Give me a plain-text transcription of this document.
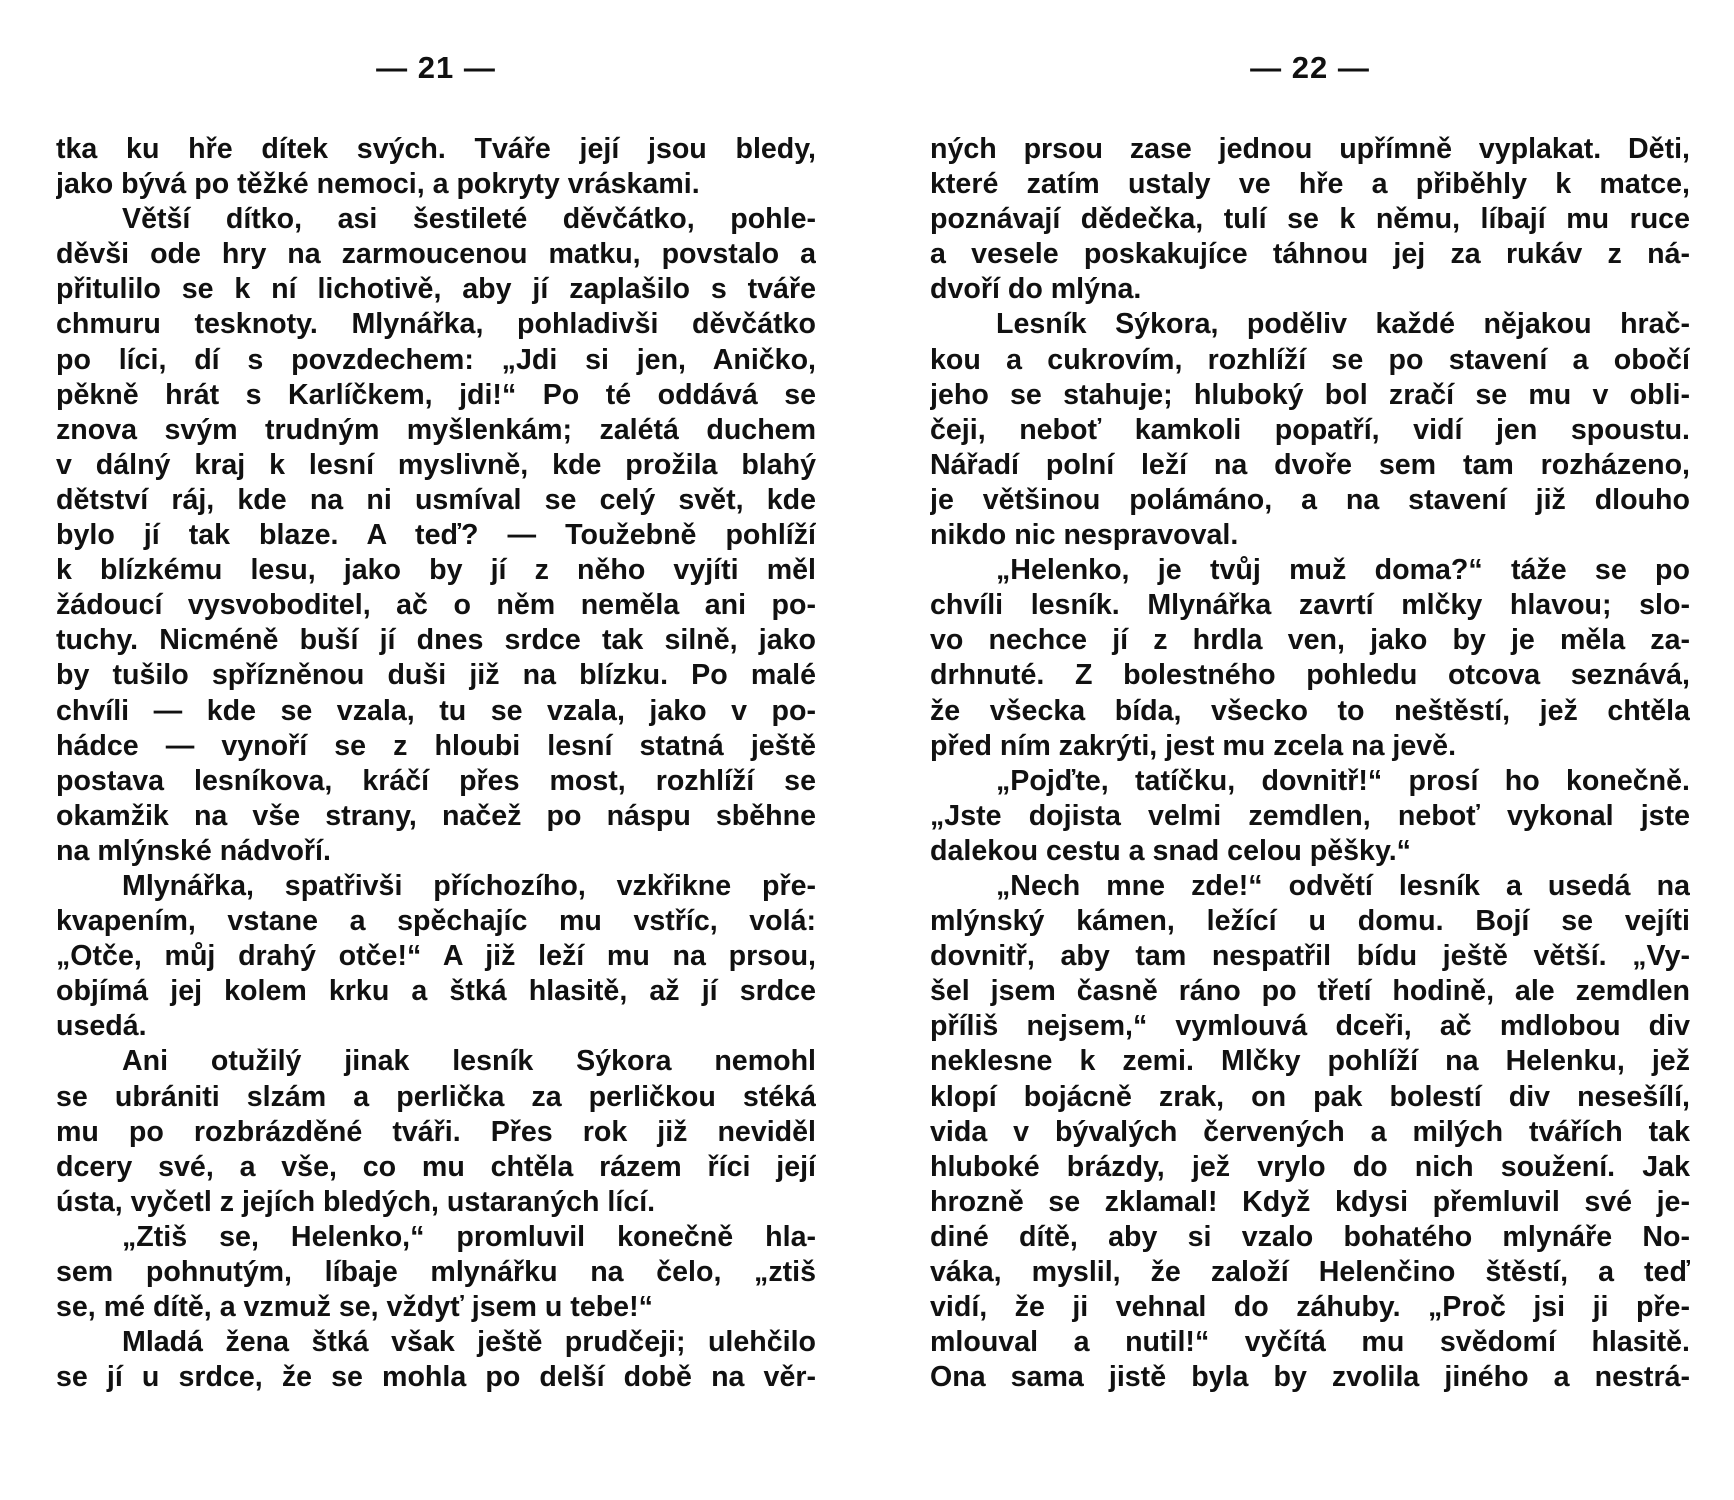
— 21 —
tka ku hře dítek svých. Tváře její jsou bledy,
jako bývá po těžké nemoci, a pokryty vráskami.
Větší dítko, asi šestileté děvčátko, pohle-
děvši ode hry na zarmoucenou matku, povstalo a
přitulilo se k ní lichotivě, aby jí zaplašilo s tváře
chmuru tesknoty. Mlynářka, pohladivši děvčátko
po líci, dí s povzdechem: „Jdi si jen, Aničko,
pěkně hrát s Karlíčkem, jdi!“ Po té oddává se
znova svým trudným myšlenkám; zalétá duchem
v dálný kraj k lesní myslivně, kde prožila blahý
dětství ráj, kde na ni usmíval se celý svět, kde
bylo jí tak blaze. A teď? — Toužebně pohlíží
k blízkému lesu, jako by jí z něho vyjíti měl
žádoucí vysvoboditel, ač o něm neměla ani po-
tuchy. Nicméně buší jí dnes srdce tak silně, jako
by tušilo spřízněnou duši již na blízku. Po malé
chvíli — kde se vzala, tu se vzala, jako v po-
hádce — vynoří se z hloubi lesní statná ještě
postava lesníkova, kráčí přes most, rozhlíží se
okamžik na vše strany, načež po náspu sběhne
na mlýnské nádvoří.
Mlynářka, spatřivši příchozího, vzkřikne pře-
kvapením, vstane a spěchajíc mu vstříc, volá:
„Otče, můj drahý otče!“ A již leží mu na prsou,
objímá jej kolem krku a štká hlasitě, až jí srdce
usedá.
Ani otužilý jinak lesník Sýkora nemohl
se ubrániti slzám a perlička za perličkou stéká
mu po rozbrázděné tváři. Přes rok již neviděl
dcery své, a vše, co mu chtěla rázem říci její
ústa, vyčetl z jejích bledých, ustaraných lící.
„Ztiš se, Helenko,“ promluvil konečně hla-
sem pohnutým, líbaje mlynářku na čelo, „ztiš
se, mé dítě, a vzmuž se, vždyť jsem u tebe!“
Mladá žena štká však ještě prudčeji; ulehčilo
se jí u srdce, že se mohla po delší době na věr-
— 22 —
ných prsou zase jednou upřímně vyplakat. Děti,
které zatím ustaly ve hře a přiběhly k matce,
poznávají dědečka, tulí se k němu, líbají mu ruce
a vesele poskakujíce táhnou jej za rukáv z ná-
dvoří do mlýna.
Lesník Sýkora, poděliv každé nějakou hrač-
kou a cukrovím, rozhlíží se po stavení a obočí
jeho se stahuje; hluboký bol zračí se mu v obli-
čeji, neboť kamkoli popatří, vidí jen spoustu.
Nářadí polní leží na dvoře sem tam rozházeno,
je většinou polámáno, a na stavení již dlouho
nikdo nic nespravoval.
„Helenko, je tvůj muž doma?“ táže se po
chvíli lesník. Mlynářka zavrtí mlčky hlavou; slo-
vo nechce jí z hrdla ven, jako by je měla za-
drhnuté. Z bolestného pohledu otcova seznává,
že všecka bída, všecko to neštěstí, jež chtěla
před ním zakrýti, jest mu zcela na jevě.
„Pojďte, tatíčku, dovnitř!“ prosí ho konečně.
„Jste dojista velmi zemdlen, neboť vykonal jste
dalekou cestu a snad celou pěšky.“
„Nech mne zde!“ odvětí lesník a usedá na
mlýnský kámen, ležící u domu. Bojí se vejíti
dovnitř, aby tam nespatřil bídu ještě větší. „Vy-
šel jsem časně ráno po třetí hodině, ale zemdlen
příliš nejsem,“ vymlouvá dceři, ač mdlobou div
neklesne k zemi. Mlčky pohlíží na Helenku, jež
klopí bojácně zrak, on pak bolestí div nesešílí,
vida v bývalých červených a milých tvářích tak
hluboké brázdy, jež vrylo do nich soužení. Jak
hrozně se zklamal! Když kdysi přemluvil své je-
diné dítě, aby si vzalo bohatého mlynáře No-
váka, myslil, že založí Helenčino štěstí, a teď
vidí, že ji vehnal do záhuby. „Proč jsi ji pře-
mlouval a nutil!“ vyčítá mu svědomí hlasitě.
Ona sama jistě byla by zvolila jiného a nestrá-
